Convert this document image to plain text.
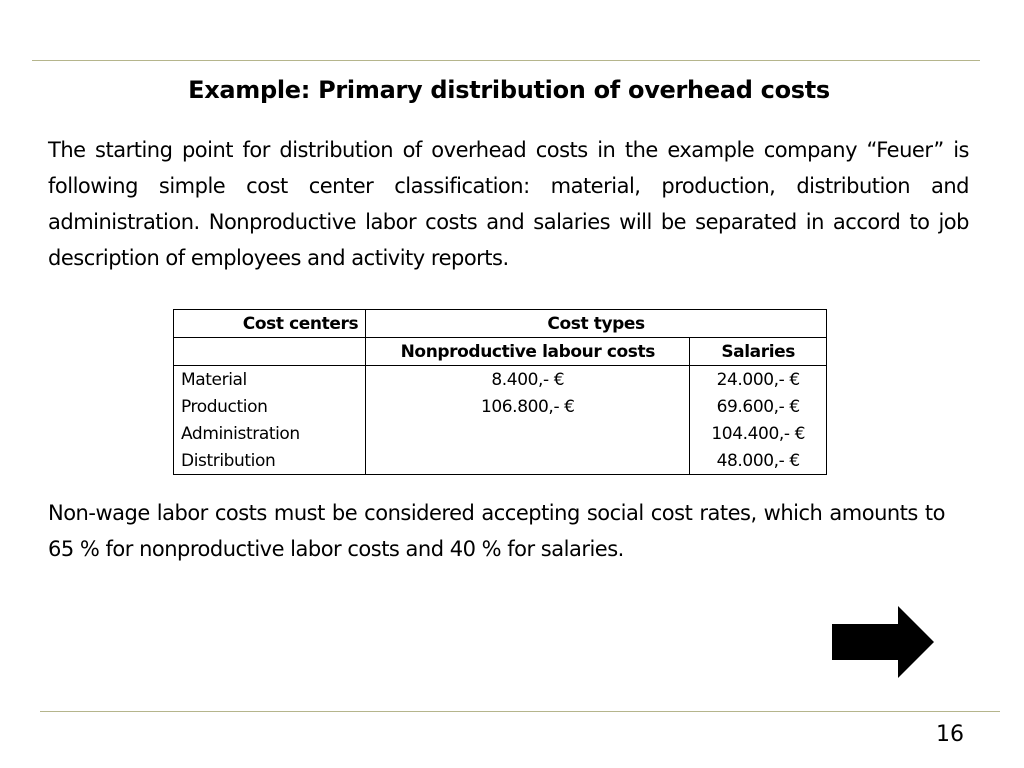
Example: Primary distribution of overhead costs
The starting point for distribution of overhead costs in the example company “Feuer” is following simple cost center classification: material, production, distribution and administration. Nonproductive labor costs and salaries will be separated in accord to job description of employees and activity reports.
Cost centers	Cost types	
	Nonproductive labour costs	Salaries
Material	8.400,- €	24.000,- €
Production	106.800,- €	69.600,- €
Administration		104.400,- €
Distribution		48.000,- €
Non-wage labor costs must be considered accepting social cost rates, which amounts to 65 % for nonproductive labor costs and 40 % for salaries.
16
